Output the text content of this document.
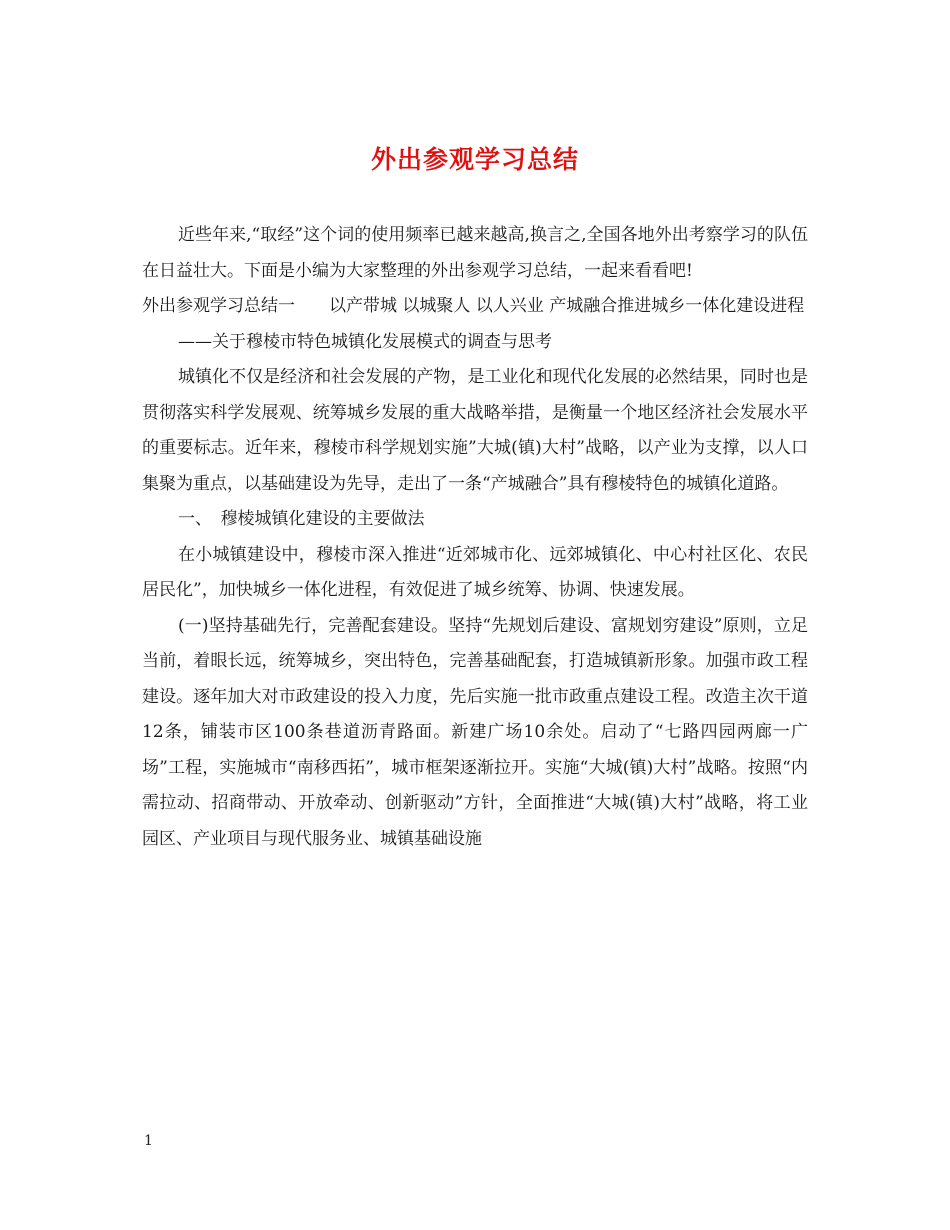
外出参观学习总结

近些年来,“取经”这个词的使用频率已越来越高,换言之,全国各地外出考察学习的队伍在日益壮大。下面是小编为大家整理的外出参观学习总结，一起来看看吧!

外出参观学习总结一　　以产带城 以城聚人 以人兴业 产城融合推进城乡一体化建设进程

——关于穆棱市特色城镇化发展模式的调查与思考

城镇化不仅是经济和社会发展的产物，是工业化和现代化发展的必然结果，同时也是贯彻落实科学发展观、统筹城乡发展的重大战略举措，是衡量一个地区经济社会发展水平的重要标志。近年来，穆棱市科学规划实施”大城(镇)大村”战略，以产业为支撑，以人口集聚为重点，以基础建设为先导，走出了一条“产城融合”具有穆棱特色的城镇化道路。

一、　穆棱城镇化建设的主要做法

在小城镇建设中，穆棱市深入推进“近郊城市化、远郊城镇化、中心村社区化、农民居民化”，加快城乡一体化进程，有效促进了城乡统筹、协调、快速发展。

(一)坚持基础先行，完善配套建设。坚持“先规划后建设、富规划穷建设”原则，立足当前，着眼长远，统筹城乡，突出特色，完善基础配套，打造城镇新形象。加强市政工程建设。逐年加大对市政建设的投入力度，先后实施一批市政重点建设工程。改造主次干道12条，铺装市区100条巷道沥青路面。新建广场10余处。启动了“七路四园两廊一广场”工程，实施城市“南移西拓”，城市框架逐渐拉开。实施“大城(镇)大村”战略。按照“内需拉动、招商带动、开放牵动、创新驱动”方针，全面推进“大城(镇)大村”战略，将工业园区、产业项目与现代服务业、城镇基础设施

1
